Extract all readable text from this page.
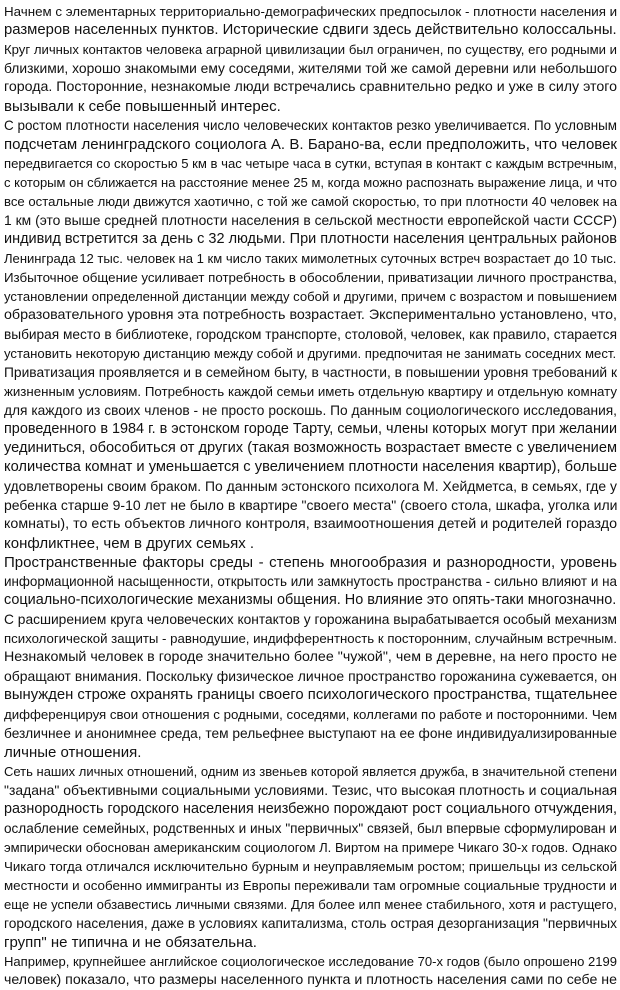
Начнем с элементарных территориально-демографических предпосылок - плотности населения и
размеров населенных пунктов. Исторические сдвиги здесь действительно колоссальны.
Круг личных контактов человека аграрной цивилизации был ограничен, по существу, его родными и
близкими, хорошо знакомыми ему соседями, жителями той же самой деревни или небольшого
города. Посторонние, незнакомые люди встречались сравнительно редко и уже в силу этого
вызывали к себе повышенный интерес.
С ростом плотности населения число человеческих контактов резко увеличивается. По условным
подсчетам ленинградского социолога А. В. Барано-ва, если предположить, что человек
передвигается со скоростью 5 км в час четыре часа в сутки, вступая в контакт с каждым встречным,
с которым он сближается на расстояние менее 25 м, когда можно распознать выражение лица, и что
все остальные люди движутся хаотично, с той же самой скоростью, то при плотности 40 человек на
1 км (это выше средней плотности населения в сельской местности европейской части СССР)
индивид встретится за день с 32 людьми. При плотности населения центральных районов
Ленинграда 12 тыс. человек на 1 км число таких мимолетных суточных встреч возрастает до 10 тыс.
Избыточное общение усиливает потребность в обособлении, приватизации личного пространства,
установлении определенной дистанции между собой и другими, причем с возрастом и повышением
образовательного уровня эта потребность возрастает. Экспериментально установлено, что,
выбирая место в библиотеке, городском транспорте, столовой, человек, как правило, старается
установить некоторую дистанцию между собой и другими. предпочитая не занимать соседних мест.
Приватизация проявляется и в семейном быту, в частности, в повышении уровня требований к
жизненным условиям. Потребность каждой семьи иметь отдельную квартиру и отдельную комнату
для каждого из своих членов - не просто роскошь. По данным социологического исследования,
проведенного в 1984 г. в эстонском городе Тарту, семьи, члены которых могут при желании
уединиться, обособиться от других (такая возможность возрастает вместе с увеличением
количества комнат и уменьшается с увеличением плотности населения квартир), больше
удовлетворены своим браком. По данным эстонского психолога М. Хейдметса, в семьях, где у
ребенка старше 9-10 лет не было в квартире "своего места" (своего стола, шкафа, уголка или
комнаты), то есть объектов личного контроля, взаимоотношения детей и родителей гораздо
конфликтнее, чем в других семьях .
Пространственные факторы среды - степень многообразия и разнородности, уровень
информационной насыщенности, открытость или замкнутость пространства - сильно влияют и на
социально-психологические механизмы общения. Но влияние это опять-таки многозначно.
С расширением круга человеческих контактов у горожанина вырабатывается особый механизм
психологической защиты - равнодушие, индифферентность к посторонним, случайным встречным.
Незнакомый человек в городе значительно более "чужой", чем в деревне, на него просто не
обращают внимания. Поскольку физическое личное пространство горожанина сужевается, он
вынужден строже охранять границы своего психологического пространства, тщательнее
дифференцируя свои отношения с родными, соседями, коллегами по работе и посторонними. Чем
безличнее и анонимнее среда, тем рельефнее выступают на ее фоне индивидуализированные
личные отношения.
Сеть наших личных отношений, одним из звеньев которой является дружба, в значительной степени
"задана" объективными социальными условиями. Тезис, что высокая плотность и социальная
разнородность городского населения неизбежно порождают рост социального отчуждения,
ослабление семейных, родственных и иных "первичных" связей, был впервые сформулирован и
эмпирически обоснован американским социологом Л. Виртом на примере Чикаго 30-х годов. Однако
Чикаго тогда отличался исключительно бурным и неуправляемым ростом; пришельцы из сельской
местности и особенно иммигранты из Европы переживали там огромные социальные трудности и
еще не успели обзавестись личными связями. Для более илп менее стабильного, хотя и растущего,
городского населения, даже в условиях капитализма, столь острая дезорганизация "первичных
групп" не типична и не обязательна.
Например, крупнейшее английское социологическое исследование 70-х годов (было опрошено 2199
человек) показало, что размеры населенного пункта и плотность населения сами по себе не
